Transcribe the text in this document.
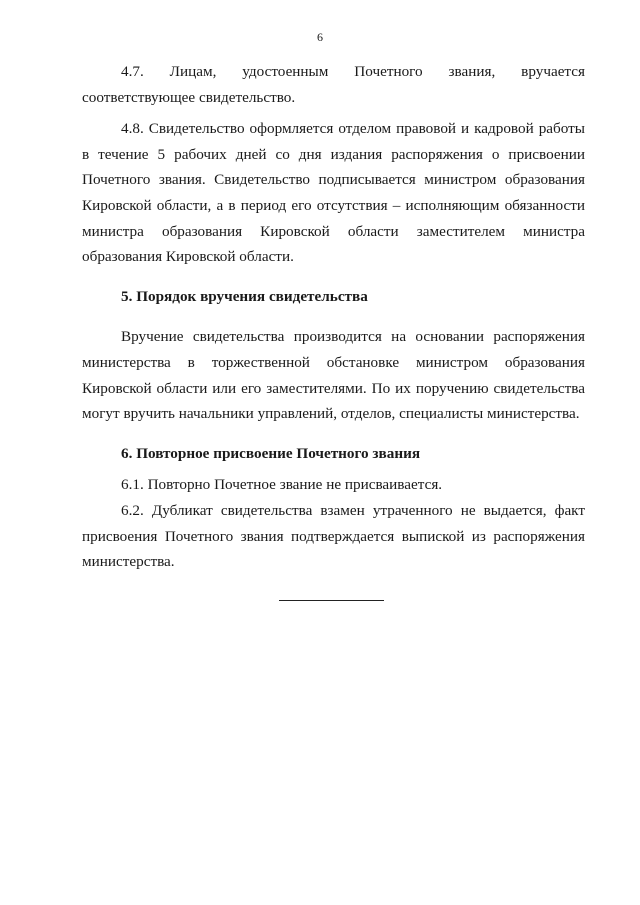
6

4.7. Лицам, удостоенным Почетного звания, вручается соответствующее свидетельство.

4.8. Свидетельство оформляется отделом правовой и кадровой работы в течение 5 рабочих дней со дня издания распоряжения о присвоении Почетного звания. Свидетельство подписывается министром образования Кировской области, а в период его отсутствия – исполняющим обязанности министра образования Кировской области заместителем министра образования Кировской области.

5. Порядок вручения свидетельства

Вручение свидетельства производится на основании распоряжения министерства в торжественной обстановке министром образования Кировской области или его заместителями. По их поручению свидетельства могут вручить начальники управлений, отделов, специалисты министерства.

6. Повторное присвоение Почетного звания

6.1. Повторно Почетное звание не присваивается.

6.2. Дубликат свидетельства взамен утраченного не выдается, факт присвоения Почетного звания подтверждается выпиской из распоряжения министерства.
